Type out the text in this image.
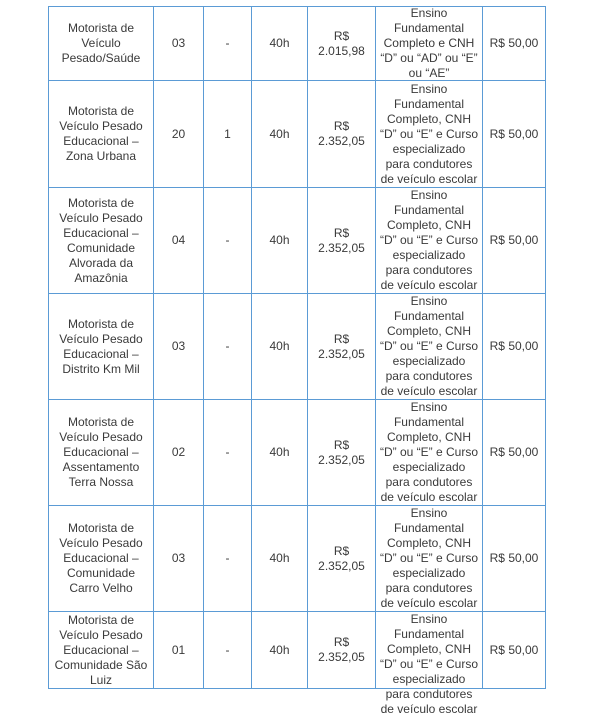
Motorista de Veículo Pesado/Saúde	03	-	40h	R$ 2.015,98	Ensino Fundamental Completo e CNH “D” ou “AD” ou “E” ou “AE”	R$ 50,00

Motorista de Veículo Pesado Educacional – Zona Urbana	20	1	40h	R$ 2.352,05	Ensino Fundamental Completo, CNH “D” ou “E” e Curso especializado para condutores de veículo escolar	R$ 50,00

Motorista de Veículo Pesado Educacional – Comunidade Alvorada da Amazônia	04	-	40h	R$ 2.352,05	Ensino Fundamental Completo, CNH “D” ou “E” e Curso especializado para condutores de veículo escolar	R$ 50,00

Motorista de Veículo Pesado Educacional – Distrito Km Mil	03	-	40h	R$ 2.352,05	Ensino Fundamental Completo, CNH “D” ou “E” e Curso especializado para condutores de veículo escolar	R$ 50,00

Motorista de Veículo Pesado Educacional – Assentamento Terra Nossa	02	-	40h	R$ 2.352,05	Ensino Fundamental Completo, CNH “D” ou “E” e Curso especializado para condutores de veículo escolar	R$ 50,00

Motorista de Veículo Pesado Educacional – Comunidade Carro Velho	03	-	40h	R$ 2.352,05	Ensino Fundamental Completo, CNH “D” ou “E” e Curso especializado para condutores de veículo escolar	R$ 50,00

Motorista de Veículo Pesado Educacional – Comunidade São Luiz	01	-	40h	R$ 2.352,05	Ensino Fundamental Completo, CNH “D” ou “E” e Curso especializado para condutores de veículo escolar	R$ 50,00
